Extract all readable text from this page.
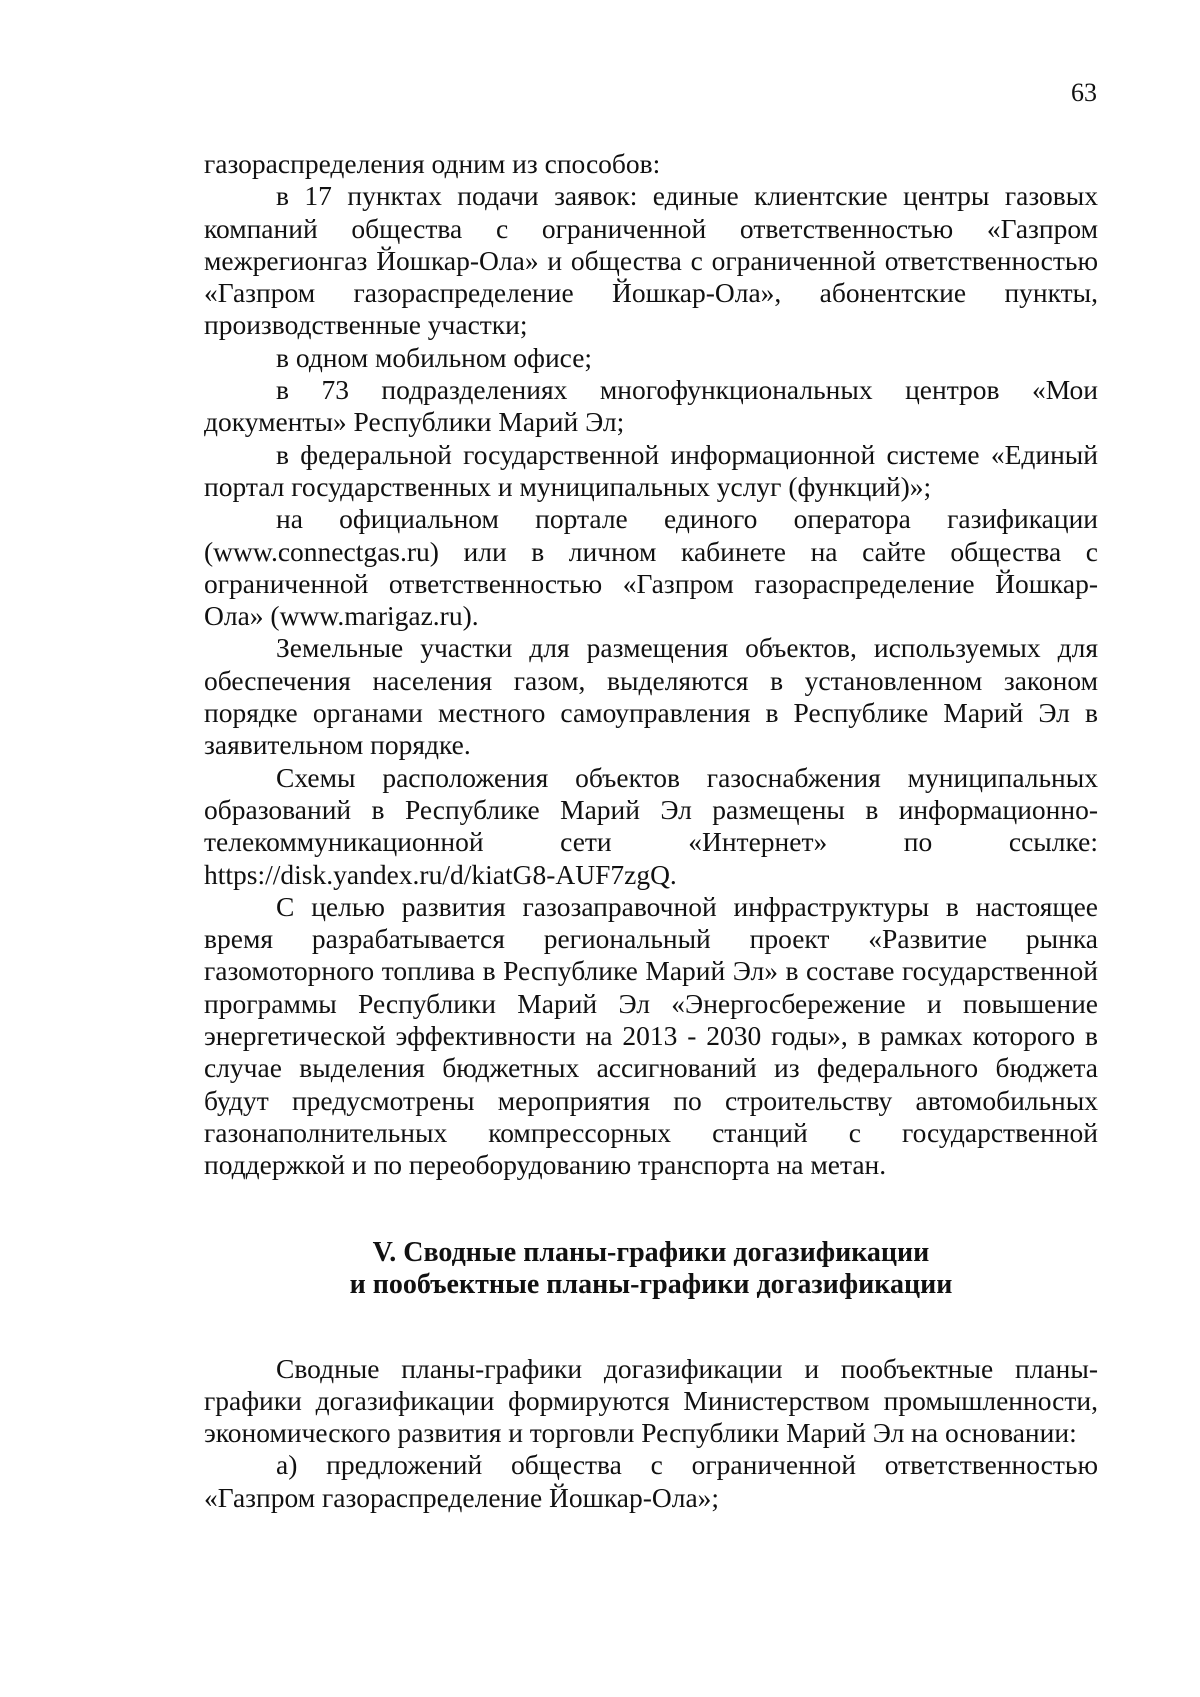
63

газораспределения одним из способов:

в 17 пунктах подачи заявок: единые клиентские центры газовых компаний общества с ограниченной ответственностью «Газпром межрегионгаз Йошкар-Ола» и общества с ограниченной ответственностью «Газпром газораспределение Йошкар-Ола», абонентские пункты, производственные участки;

в одном мобильном офисе;

в 73 подразделениях многофункциональных центров «Мои документы» Республики Марий Эл;

в федеральной государственной информационной системе «Единый портал государственных и муниципальных услуг (функций)»;

на официальном портале единого оператора газификации (www.connectgas.ru) или в личном кабинете на сайте общества с ограниченной ответственностью «Газпром газораспределение Йошкар-Ола» (www.marigaz.ru).

Земельные участки для размещения объектов, используемых для обеспечения населения газом, выделяются в установленном законом порядке органами местного самоуправления в Республике Марий Эл в заявительном порядке.

Схемы расположения объектов газоснабжения муниципальных образований в Республике Марий Эл размещены в информационно-телекоммуникационной сети «Интернет» по ссылке: https://disk.yandex.ru/d/kiatG8-AUF7zgQ.

С целью развития газозаправочной инфраструктуры в настоящее время разрабатывается региональный проект «Развитие рынка газомоторного топлива в Республике Марий Эл» в составе государственной программы Республики Марий Эл «Энергосбережение и повышение энергетической эффективности на 2013 - 2030 годы», в рамках которого в случае выделения бюджетных ассигнований из федерального бюджета будут предусмотрены мероприятия по строительству автомобильных газонаполнительных компрессорных станций с государственной поддержкой и по переоборудованию транспорта на метан.

V. Сводные планы-графики догазификации
и пообъектные планы-графики догазификации

Сводные планы-графики догазификации и пообъектные планы-графики догазификации формируются Министерством промышленности, экономического развития и торговли Республики Марий Эл на основании:

а) предложений общества с ограниченной ответственностью «Газпром газораспределение Йошкар-Ола»;
